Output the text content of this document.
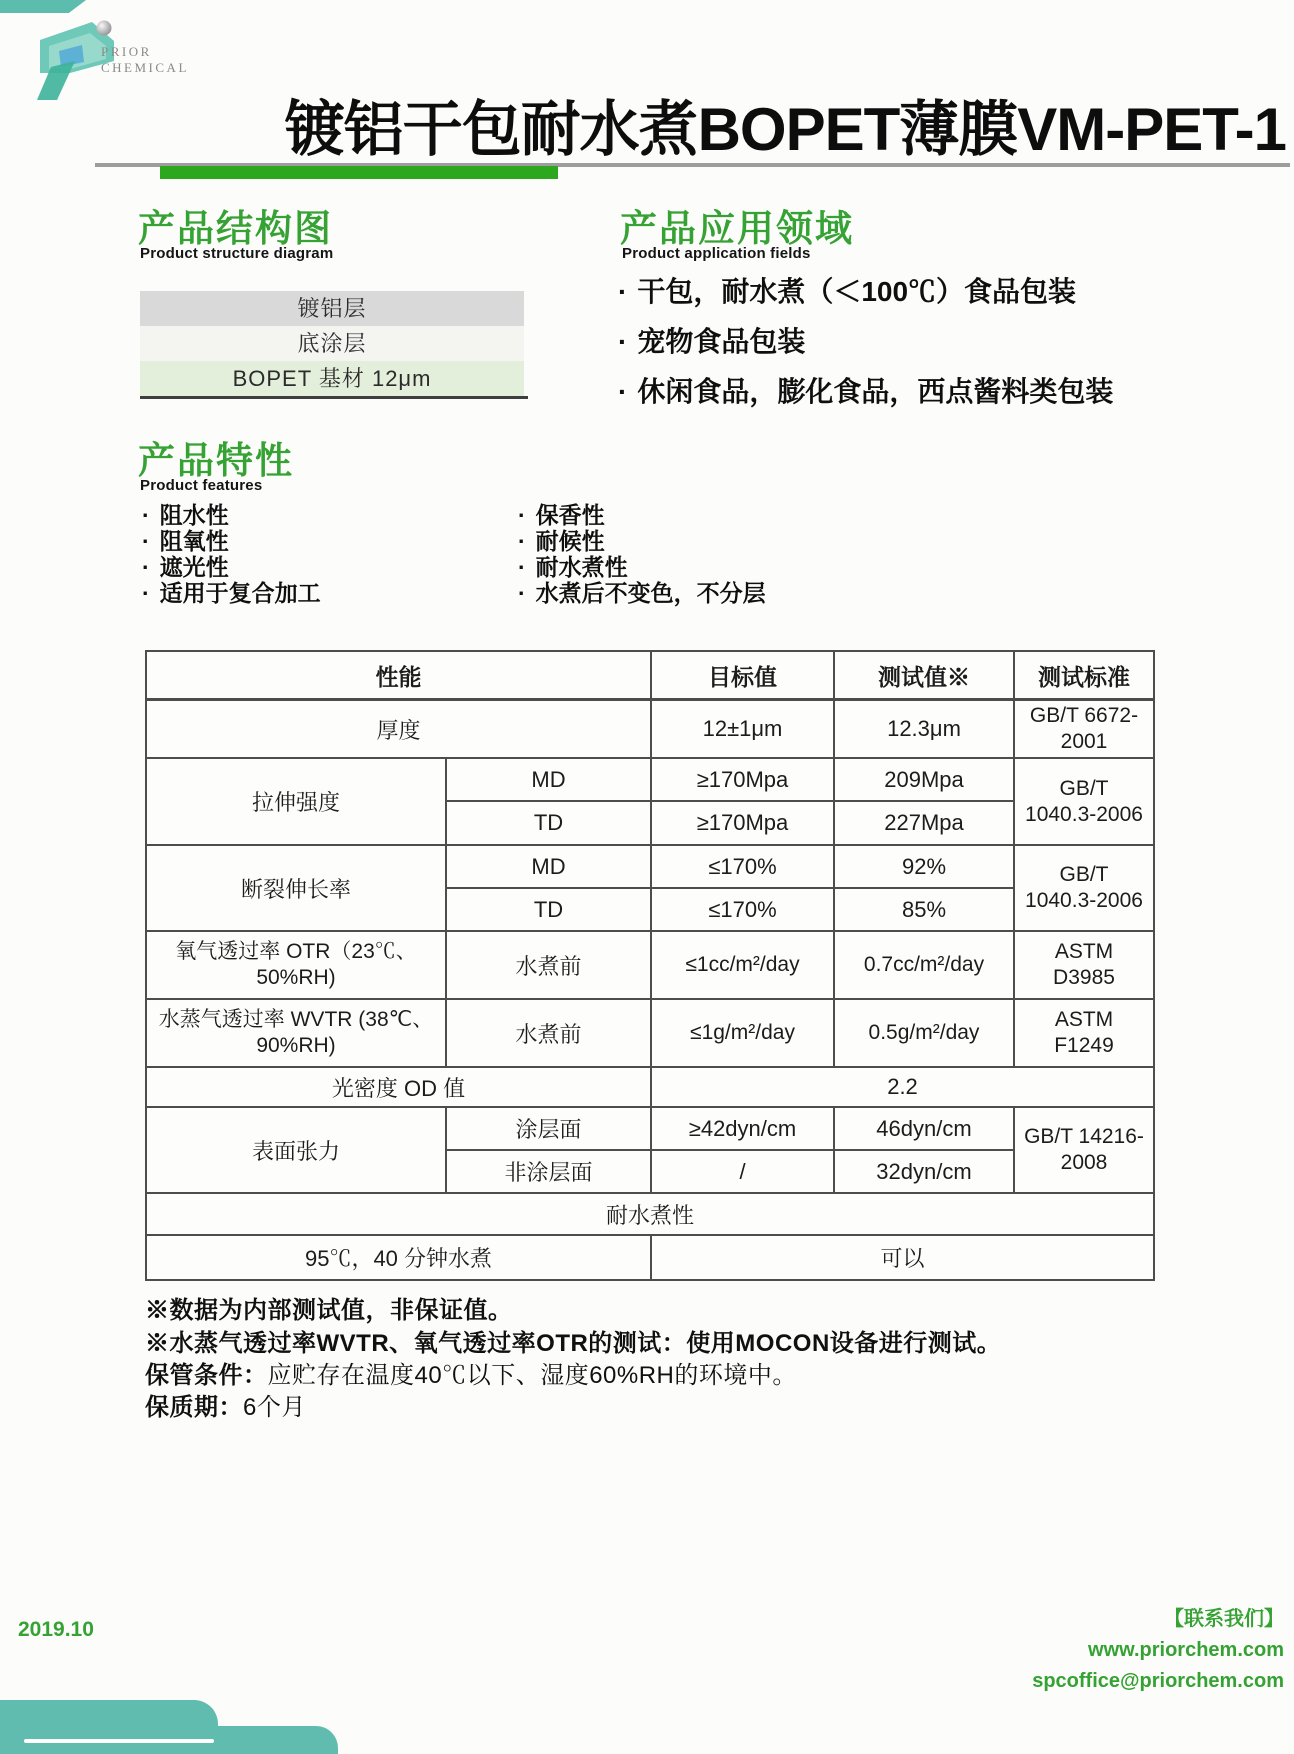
PRIOR
CHEMICAL
镀铝干包耐水煮BOPET薄膜VM-PET-1
产品结构图
Product structure diagram
镀铝层
底涂层
BOPET 基材 12μm
产品应用领域
Product application fields
· 干包，耐水煮（＜100℃）食品包装
· 宠物食品包装
· 休闲食品，膨化食品，西点酱料类包装
产品特性
Product features
· 阻水性
· 阻氧性
· 遮光性
· 适用于复合加工
· 保香性
· 耐候性
· 耐水煮性
· 水煮后不变色，不分层
性能		目标值	测试值※	测试标准
厚度		12±1μm	12.3μm	GB/T 6672-2001
拉伸强度	MD	≥170Mpa	209Mpa	GB/T 1040.3-2006
	TD	≥170Mpa	227Mpa	
断裂伸长率	MD	≤170%	92%	GB/T 1040.3-2006
	TD	≤170%	85%	
氧气透过率 OTR（23℃、50%RH)	水煮前	≤1cc/m²/day	0.7cc/m²/day	ASTM D3985
水蒸气透过率 WVTR (38℃、90%RH)	水煮前	≤1g/m²/day	0.5g/m²/day	ASTM F1249
光密度 OD 值		2.2		
表面张力	涂层面	≥42dyn/cm	46dyn/cm	GB/T 14216-2008
	非涂层面	/	32dyn/cm	
耐水煮性				
95℃，40 分钟水煮		可以		
※数据为内部测试值，非保证值。
※水蒸气透过率WVTR、氧气透过率OTR的测试：使用MOCON设备进行测试。
保管条件：应贮存在温度40℃以下、湿度60%RH的环境中。
保质期：6个月
2019.10	【联系我们】
www.priorchem.com
spcoffice@priorchem.com
